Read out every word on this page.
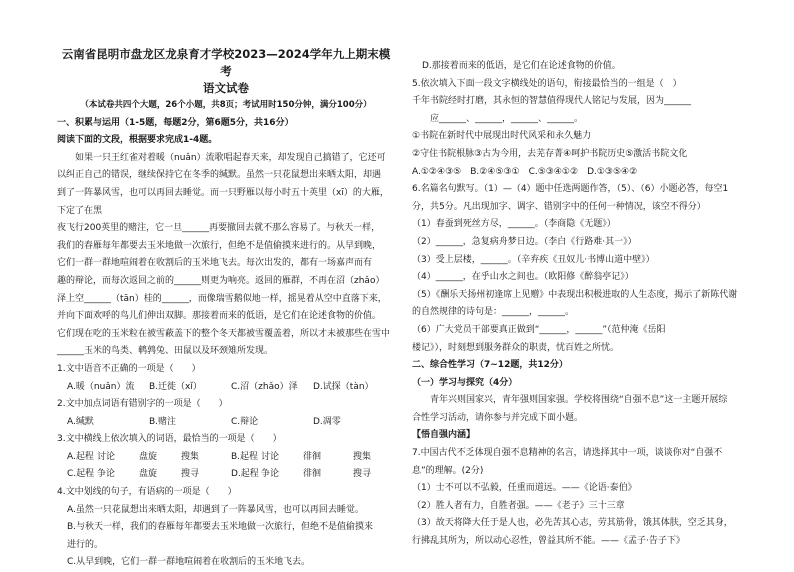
云南省昆明市盘龙区龙泉育才学校2023—2024学年九上期末模考
语文试卷
（本试卷共四个大题，26个小题，共8页；考试用时150分钟，满分100分）
一、积累与运用（1-5题，每题2分，第6题5分，共16分）
阅读下面的文段，根据要求完成1-4题。

如果一只王红雀对着暖（nuǎn）流歌唱起春天来，却发现自己搞错了，它还可

以纠正自己的错误，继续保持它在冬季的缄默。虽然一只花鼠想出来晒太阳，却遇

到了一阵暴风雪，也可以再回去睡觉。而一只野雁以每小时五十英里（xī）的大雁，下定了在黑

夜飞行200英里的赌注，它一旦______再要撤回去就不那么容易了。与秋天一样，

我们的春雁每年都要去玉米地做一次旅行，但绝不是值偷摸来进行的。从早到晚，

它们一群一群地喧闹着在收割后的玉米地飞去。每次出发的，都有一场嘉声而有

趣的辩论，而每次返回之前的______则更为响亮。返回的雁群，不再在沼（zhǎo）

泽上空______（tān）桂的______，而像瑞雪鹅似地一样，摇晃着从空中直落下来，

并向下面欢呼的鸟儿们伸出双脚。那接着而来的低语，是它们在论述食物的价值。

它们现在吃的玉米粒在被雪蔽盖下的整个冬天都被雪覆盖着，所以才未被那些在雪中

______玉米的鸟类、鹌鹑兔、田鼠以及环颈雉所发现。

1.文中语音不正确的一项是（　　）
A.暖（nuǎn）流	B.迁徙（xǐ）	C.沼（zhǎo）泽	D.试探（tàn）
2.文中加点词语有错别字的一项是（　　）
A.缄默	B.赌注	C.辩论	D.凋零
3.文中横线上依次填入的词语，最恰当的一项是（　　）
A.起程 讨论	盘旋	搜集	B.起程 讨论	徘徊	搜集
C.起程 争论	盘旋	搜寻	D.起程 争论	徘徊	搜寻
4.文中划线的句子，有语病的一项是（　　）
A.虽然一只花鼠想出来晒太阳，却遇到了一阵暴风雪，也可以再回去睡觉。
B.与秋天一样，我们的春雁每年都要去玉米地做一次旅行，但绝不是值偷摸来
进行的。
C.从早到晚，它们一群一群地喧闹着在收割后的玉米地飞去。
D.那接着而来的低语，是它们在论述食物的价值。
5.依次填入下面一段文字横线处的语句，衔接最恰当的一组是（　）
千年书院经时打磨，其永恒的智慧值得现代人铭记与发展，因为______
应______、______，______、______。
①书院在新时代中展现出时代风采和永久魅力
②守住书院根脉③古为今用，去芜存菁④呵护书院历史⑤激活书院文化
A.①②④③⑤　B.②④⑤③①　C.⑤③④①②　D.①③⑤④②
6.名篇名句默写。（1）—（4）题中任选两题作答，（5）、（6）小题必答，每空1
分，共5分。凡出现加字、调字、错别字中的任何一种情况，该空不得分）
（1）春蚕到死丝方尽，______。（李商隐《无题》）
（2）______，急复病舟梦日边。（李白《行路难·其一》）
（3）受上层楼，______。（辛弃疾《丑奴儿·书博山道中壁》）
（4）______，在乎山水之间也。（欧阳修《醉翁亭记》）
（5）《酬乐天扬州初逢席上见赠》中表现出积极进取的人生态度，揭示了新陈代谢
的自然规律的诗句是：______，______。
（6）广大党员干部要真正做到“______，______”（范仲淹《岳阳
楼记》），时刻想到服务群众的职责，忧百姓之所忧。
二、综合性学习（7~12题，共12分）
（一）学习与探究（4分）
青年兴则国家兴，青年强则国家强。学校将围绕“自强不息”这一主题开展综
合性学习活动，请你参与并完成下面小题。
【悟自强内涵】
7.中国古代不乏体现自强不息精神的名言，请选择其中一项，谈谈你对“自强不
息”的理解。(2分)
（1）士不可以不弘毅，任重而道远。——《论语·泰伯》
（2）胜人者有力，自胜者强。——《老子》三十三章
（3）故天将降大任于是人也，必先苦其心志，劳其筋骨，饿其体肤，空乏其身，
行拂乱其所为，所以动心忍性，曾益其所不能。——《孟子·告子下》
